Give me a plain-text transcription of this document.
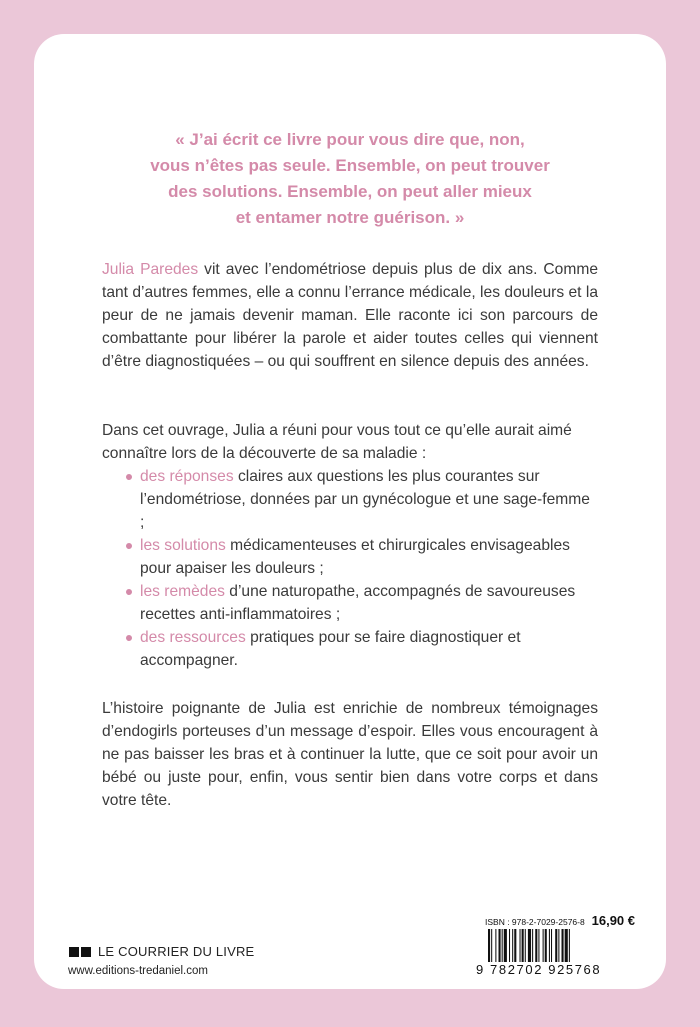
« J’ai écrit ce livre pour vous dire que, non,
vous n’êtes pas seule. Ensemble, on peut trouver
des solutions. Ensemble, on peut aller mieux
et entamer notre guérison. »

Julia Paredes vit avec l’endométriose depuis plus de dix ans. Comme tant d’autres femmes, elle a connu l’errance médicale, les douleurs et la peur de ne jamais devenir maman. Elle raconte ici son parcours de combattante pour libérer la parole et aider toutes celles qui viennent d’être diagnostiquées – ou qui souffrent en silence depuis des années.

Dans cet ouvrage, Julia a réuni pour vous tout ce qu’elle aurait aimé connaître lors de la découverte de sa maladie :

des réponses claires aux questions les plus courantes sur l’endométriose, données par un gynécologue et une sage-femme ;
les solutions médicamenteuses et chirurgicales envisageables pour apaiser les douleurs ;
les remèdes d’une naturopathe, accompagnés de savoureuses recettes anti-inflammatoires ;
des ressources pratiques pour se faire diagnostiquer et accompagner.

L’histoire poignante de Julia est enrichie de nombreux témoignages d’endogirls porteuses d’un message d’espoir. Elles vous encouragent à ne pas baisser les bras et à continuer la lutte, que ce soit pour avoir un bébé ou juste pour, enfin, vous sentir bien dans votre corps et dans votre tête.

LE COURRIER DU LIVRE
www.editions-tredaniel.com
ISBN : 978-2-7029-2576-8 16,90 €
9 782702 925768
